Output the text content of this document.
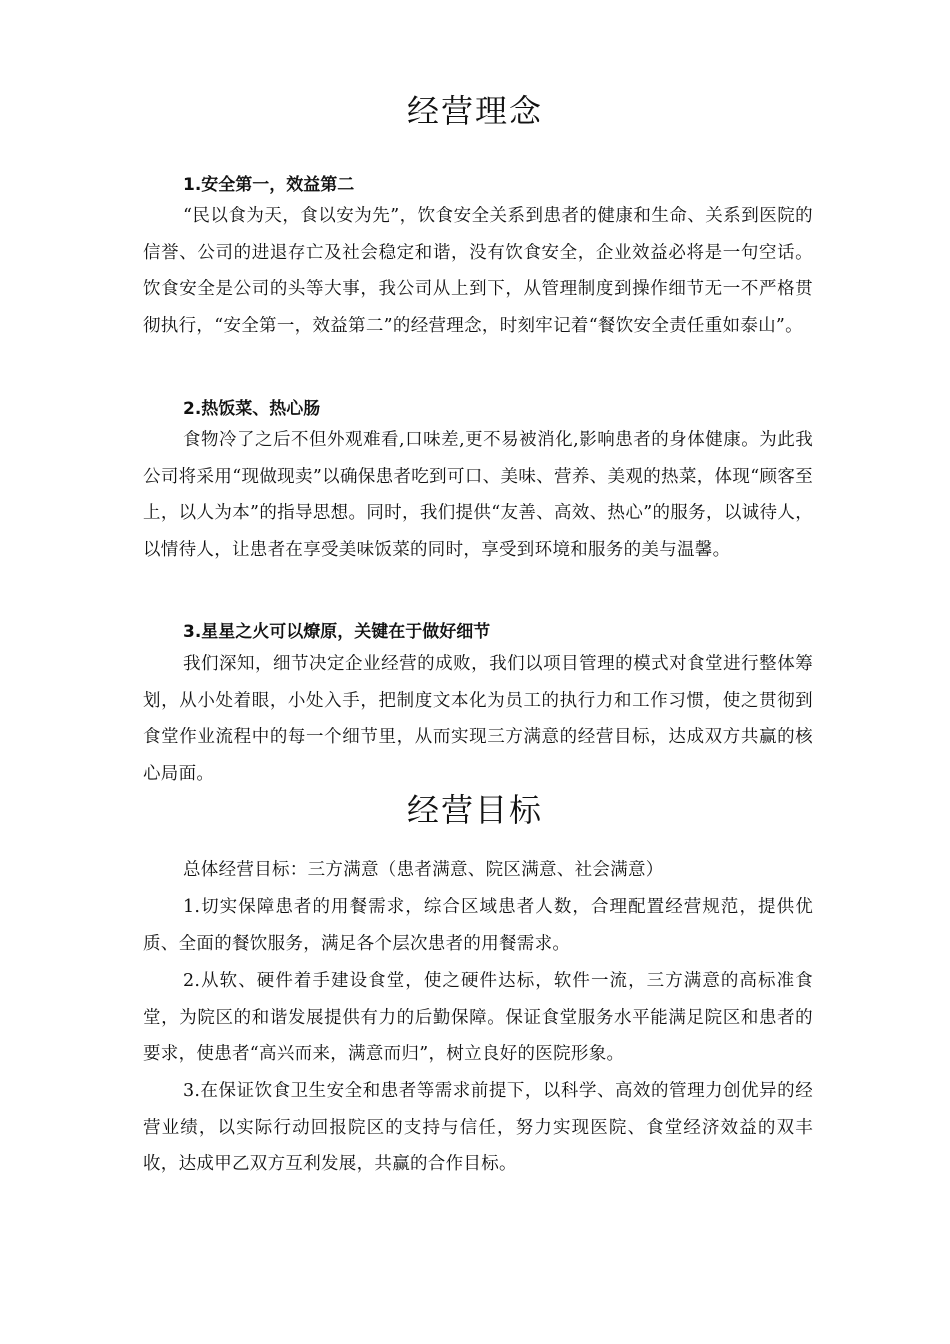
经营理念
1.安全第一，效益第二

“民以食为天，食以安为先”，饮食安全关系到患者的健康和生命、关系到医院的信誉、公司的进退存亡及社会稳定和谐，没有饮食安全，企业效益必将是一句空话。饮食安全是公司的头等大事，我公司从上到下，从管理制度到操作细节无一不严格贯彻执行，“安全第一，效益第二”的经营理念，时刻牢记着“餐饮安全责任重如泰山”。

2.热饭菜、热心肠

食物冷了之后不但外观难看,口味差,更不易被消化,影响患者的身体健康。为此我公司将采用“现做现卖”以确保患者吃到可口、美味、营养、美观的热菜，体现“顾客至上，以人为本”的指导思想。同时，我们提供“友善、高效、热心”的服务，以诚待人，以情待人，让患者在享受美味饭菜的同时，享受到环境和服务的美与温馨。

3.星星之火可以燎原，关键在于做好细节

我们深知，细节决定企业经营的成败，我们以项目管理的模式对食堂进行整体筹划，从小处着眼，小处入手，把制度文本化为员工的执行力和工作习惯，使之贯彻到食堂作业流程中的每一个细节里，从而实现三方满意的经营目标，达成双方共赢的核心局面。

经营目标

总体经营目标：三方满意（患者满意、院区满意、社会满意）

1.切实保障患者的用餐需求，综合区域患者人数，合理配置经营规范，提供优质、全面的餐饮服务，满足各个层次患者的用餐需求。

2.从软、硬件着手建设食堂，使之硬件达标，软件一流，三方满意的高标准食堂，为院区的和谐发展提供有力的后勤保障。保证食堂服务水平能满足院区和患者的要求，使患者“高兴而来，满意而归”，树立良好的医院形象。

3.在保证饮食卫生安全和患者等需求前提下，以科学、高效的管理力创优异的经营业绩，以实际行动回报院区的支持与信任，努力实现医院、食堂经济效益的双丰收，达成甲乙双方互利发展，共赢的合作目标。
